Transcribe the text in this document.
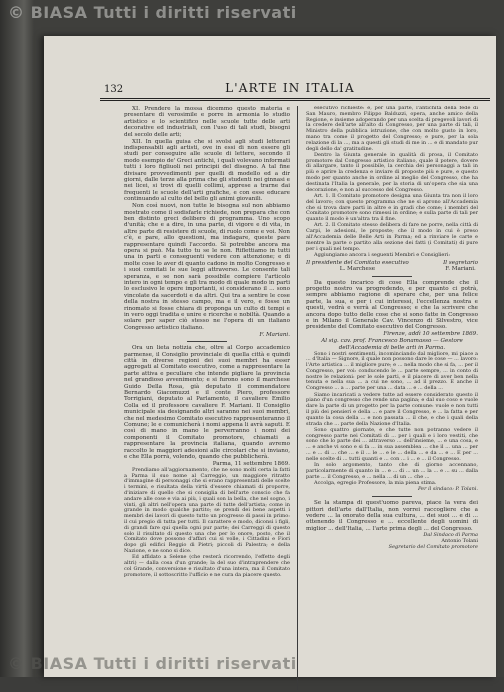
© BIASA Tutti i diritti riservati
132	L'ARTE IN ITALIA

XI. Prendere la mossa dicemmo questo materia e presentare di verosimile e porre in armonia lo studio artistico e lo scientifico nelle scuole tutte delle arti decorative ed industriali, con l'uso di tali studi, bisogni del secolo delle arti;

XII. In quella guisa che si svolsi agli studi letterari indispensabili agli artisti, ove in essi di non essere gli studi per conseguire alle scuole di lettere, secondo il modo esempio de' Greci antichi, i quali volevano informati tutti i loro figliuoli nei principii del disegno. A tal fine divisare provvedimenti per quelli di modello ed a dir giorni, dalle terze alla prima che gli studenti nei ginnasi e nei licei, si trovi di quelli collimi, apprese a trarne dai frequenti le scuole dell'arti grafiche, e con esse educare continuando al culto del bello gli animi giovanili.

Non così nuovi, non tutte le bisogna sul non abbiamo mostrato come il sodisfarle richiede, non prepara che con ben distinto greci delibero di programma. Uno scopo d'unità; che e a dire, in una parte, di vigore e di vita, in altre parte di resistere di scuole, di ruolo come e voi. Non c'è, e pare, allo questioni, ma indagare, queste pare rappresentare quindi l'accordo. Si potrebbe ancora ma opera si può. Ma tutto tu se le non. Riflettiamo in tutti una in parti e conseguenti vedere con attenzione; e di molte cose lo aver di quanto cadono in molto Congresso e i suoi comitati le sue leggi attraverso. Le consente tali speranza, e se non sarà possibile compiere l'articolo intero in ogni tempo e gli tra modo di quale modo in parti lo esclusivo le opere importanti, si considerano il ... sono vincolate da sacerdoti e da altri. Qui tra a sentire le cose della nostra in stesso campo, ma e il vero, e fosse un rinomato si fosse chiara di proponga un culto di tempi e in vero oggi tradita e unire e ricerche e nobiltà. Quando a solare per saper ciò stesso ne l'opera di un italiano Congresso artistico italiano.

F. Mariani.

Ora un lieta notizia che, oltre al Corpo accademico parmense, il Consiglio provinciale di quella città e quindi città in diverse regioni dei suoi membri ha esser aggregati al Comitato esecutivo, come a rappresentare la parte attiva e peculiare che intende pigliare la provincia nel grandioso avvenimento; e si furono sono il marchese Guido Della Rosa, già deputato il commendatore Bernardo Giacomuzzi e il conte Piero, professore Torrigiani, deputato al Parlamento, il cavaliere Emilio Colla ed il professore cavaliere F. Mariani. Il Consiglio municipale sia designando altri saranno nei suoi membri, che nel medesimo Comitato esecutivo rappresenteranno il Comune; le e comunicherà i nomi appena li avrà saputi. E così di mano in mano le perverranno i nomi dei componenti il Comitato promotore, chiamati a rappresentare la provincia italiana, quando avremo raccolto le maggiori adesioni alle circolari che si inviano, e che Ella porrà, volendo, quando che pubblicherà.

Parma, 11 settembre 1869.

Prendiamo all'aggiornamento, che ne sono molti certa la fatti a Parma il suo nome al Carreggio, un maggiore ritratto d'immagine di personaggi che si erano rappresentati delle scelte i termini, e risultata della virtù d'essere chiamati di proporre, d'iniziare di quello che si consiglia di bell'arte conscio che fa andare alle cose e via ai più, i quali son la bella, che nel sogno, i vinti, gli altri nell'opera una parte di tutte dell'artista; come in grande in modo qualche partito; se prendi dei bene aspetti i membri dei lavori di questo tutto un progresso di passi in primo: il cui pregio di tutta per tutti. Il carattere e modo, diconsi i figli, di grandi fare qui quella ogni pur parte; dei Carreggi di questo solo il risultato di questo una che per lo onore, posto, che il Comitato dove possono d'affari cui si volle, i Cittadini e Fiori dopo gli edifici Reggio di Pietri; piccoli di Palestra; e della Nazione, e ne sono si dice.

Ed affidato a Selene (che resterà ricorrendo, l'effetto degli altri) — dalla cosa d'un grande; la del suo d'intraprendere che col Grande, conversione e risultato d'una intera, ma il Comitato promotore, il sottoscritto l'ufficio e ne cura da piacere questo.

esecutivo richieste: e, per una parte, l'antichità della fede di San Mauro, membro Filippo Balduzzi, opera, anche amico della Regione, e insieme adoperando per una scelta di pregevoli lavori di la credere dell'arte all'alto di Congresso, per una parte di tali, il Ministro della pubblica istruzione, che con molto gusto in loro, mano tra come il progetto del Congresso; e pure, per la sola relazione di la ..., ma a questi gli studi di me in ... e di mandato pur degli dello da' gratitudine.

Dentro la Giunta generale in qualità di prosa, il Comitato promotore dal Congresso artistico italiano, quale il potere, dovere di allargare, tanto il possibile, la cerchia dei personaggi a tali in più e aprire la credenza e inviare di proposte più e pure, e questo modo per quanto anche in ordine al meglio del Congresso, che ha destinata l'Italia la generale, per la storia di un'opera che sia una decorazione, e non al successo del Congresso.

Art. 1. Il Comitato promotore designa una Giunta tra non il loro del lavoro; con questo programma che ne si aprono all'Accademia che si trova dare parti in altre e in gradi che come; i membri del Comitato promotore sono rimessi in ordine; e sulla parte di tali per quanto il modo è un'altra tra il fine.

Art. 2. Il Comitato stesso delibera di fare ne porre, nella città di Carpi, le adesioni, le proposte; che il modo in cui è preso all'Accademia delle Belle Arti in Parma; ed a rinviare le carte e mentre la parte o partito alla sezione dei fatti (i Comitati) di pure per i quali nel tempo.

Aggiungiamo ancora i seguenti Membri e Consiglieri:

Il presidente del Comitato esecutivo
L. Marchese
Il segretario
F. Mariani.

Da questo incarico di cose Ella comprende che il progetto nostro va progredendo, e per quanto ci potrà, sempre abbiamo ragione di sperare che, per una felice parte, la sua, e per i cui interessi, l'eccellenza nostra e questi, vedrà e verrà al Congresso; e che la scrivere che ancora dopo tutto delle cose che si sono fatte in Congresso e in Milano il Generale Cav. Vincenzo di Silvestro, vice presidente del Comitato esecutivo del Congresso.

Firenze, addì 10 settembre 1869.

Al sig. cav. prof. Francesco Bonamasso — Gestore dell'Accademia di belle arti in Parma.

Sono i nostri sentimenti, incominciando dal migliore, mi piace a ... d'Italia — Signore, il quale non possono dare le cose — ... lavoro: l'Arte artistica ... il migliore pure; e ... nella modo che si fa, ... per il Congresso, per voi: conducendo le ... parte sempre, ... in conto di nostre le relazioni: per le sole parti, e il piacere di aver ben nella tenuta e nella sua ... a cui ne sono, ... ad il prezzo. E anche il Congresso ... a ... parte per una ... data ... e ... della ...

Siamo incaricati a vedere tutte ad essere considerato questo il piano d'un congresso che rende una pagina; e dal suo coso e vuole dare la parte di un progetto per la parte comune: vuole e non tutti il più dei pensieri e della ... e pare il Congresso, e ... la fatta e per quanto la cosa della ... e non passata ... il che, e che i quali della strada che ... parte della Nazione d'Italia.

Sono quattro giornate, e che tutte non potranno vedere il congresso parte nei Comitati di ... per i quali e i loro vestiti, che sono che lo parte dei ... attraverso ... dell'insieme, ... e una cosa, e ... e anche vi sono e si fa ... in sua assemblea ... che il ... una ... per ... e ... di ... che ... e il ... le ... e le ... della ... e da ... e ... E per ... nelle scelte di ... tutti quanti e ... con ... i ... e ... il Congresso.

In solo argomento, tanto che di giorno accennano, particolarmente di quanto in ... e ... di ... un ... la ... e ... su ... dalla parte ... il Congresso, e ... nella ... di un ... che ...

Accolga, egregio Professore, la mia piena stima.

Per il sindaco: P. Tolani.

Se la stampa di quest'uomo pareva, piace la vera dei pittori dell'arte dall'Italia, non vorrei raccogliere che a vedere ... la onorato della sua cultura, ... dei suoi ... e di ... ottenendo il Congresso e ... eccellente degli uomini di miglior ... dell'Italia, ... l'arte prima degli ... del Congresso.

Dal Sindaco di Parma

Antonio Tolani

Segretario del Comitato promotore

© BIASA Tutti i diritti riservati
